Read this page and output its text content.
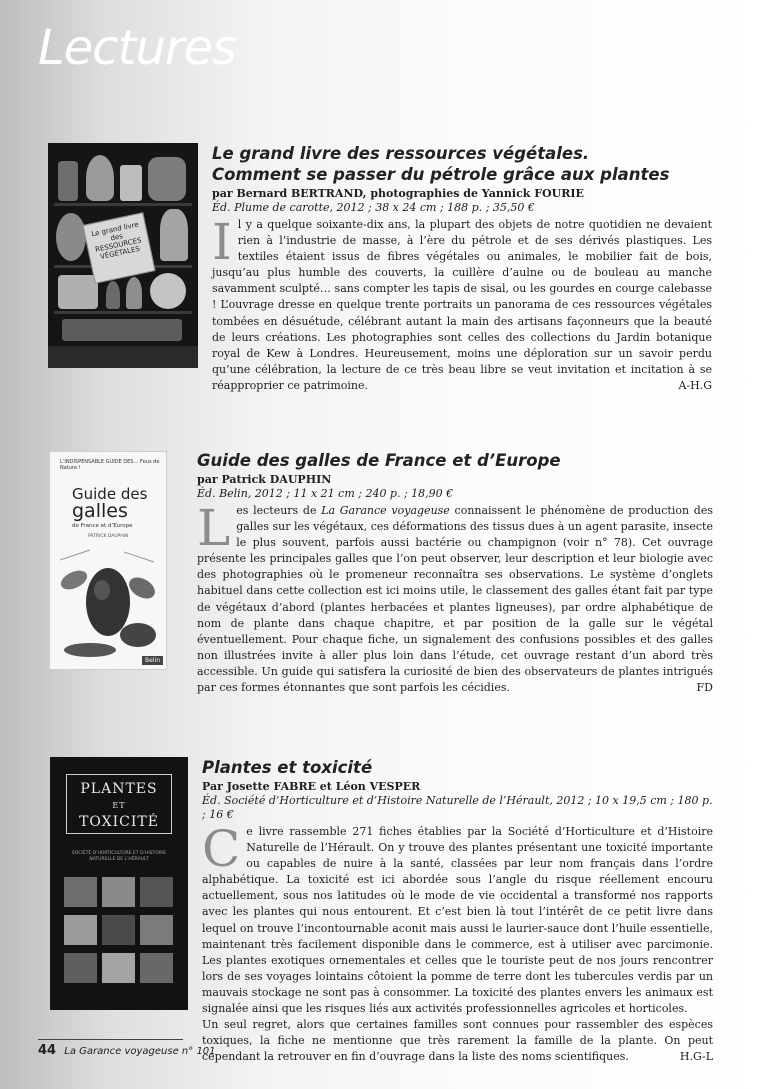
Lectures
Le grand livre des RESSOURCES VÉGÉTALES
Le grand livre des ressources végétales.
Comment se passer du pétrole grâce aux plantes

par Bernard BERTRAND, photographies de Yannick FOURIE

Éd. Plume de carotte, 2012 ; 38 x 24 cm ; 188 p. ; 35,50 €

I l y a quelque soixante-dix ans, la plupart des objets de notre quotidien ne devaient rien à l’industrie de masse, à l’ère du pétrole et de ses dérivés plastiques. Les textiles étaient issus de fibres végétales ou animales, le mobilier fait de bois, jusqu’au plus humble des couverts, la cuillère d’aulne ou de bouleau au manche savamment sculpté… sans compter les tapis de sisal, ou les gourdes en courge calebasse ! L’ouvrage dresse en quelque trente portraits un panorama de ces ressources végétales tombées en désuétude, célébrant autant la main des artisans façonneurs que la beauté de leurs créations. Les photographies sont celles des collections du Jardin botanique royal de Kew à Londres. Heureusement, moins une déploration sur un savoir perdu qu’une célébration, la lecture de ce très beau libre se veut invitation et incitation à se réapproprier ce patrimoine.	A-H.G
L’INDISPENSABLE GUIDE DES… Fous de Nature !
Guide des
galles
de France et d’Europe
PATRICK DAUPHIN
Belin
Guide des galles de France et d’Europe

par Patrick DAUPHIN

Éd. Belin, 2012 ; 11 x 21 cm ; 240 p. ; 18,90 €

L es lecteurs de La Garance voyageuse connaissent le phénomène de production des galles sur les végétaux, ces déformations des tissus dues à un agent parasite, insecte le plus souvent, parfois aussi bactérie ou champignon (voir n° 78). Cet ouvrage présente les principales galles que l’on peut observer, leur description et leur biologie avec des photographies où le promeneur reconnaîtra ses observations. Le système d’onglets habituel dans cette collection est ici moins utile, le classement des galles étant fait par type de végétaux d’abord (plantes herbacées et plantes ligneuses), par ordre alphabétique de nom de plante dans chaque chapitre, et par position de la galle sur le végétal éventuellement. Pour chaque fiche, un signalement des confusions possibles et des galles non illustrées invite à aller plus loin dans l’étude, cet ouvrage restant d’un abord très accessible. Un guide qui satisfera la curiosité de bien des observateurs de plantes intrigués par ces formes étonnantes que sont parfois les cécidies.	FD
PLANTES
ET
TOXICITÉ
SOCIÉTÉ D’HORTICULTURE ET D’HISTOIRE NATURELLE DE L’HÉRAULT
Plantes et toxicité

Par Josette FABRE et Léon VESPER

Éd. Société d’Horticulture et d’Histoire Naturelle de l’Hérault, 2012 ; 10 x 19,5 cm ; 180 p. ; 16 €

C e livre rassemble 271 fiches établies par la Société d’Horticulture et d’Histoire Naturelle de l’Hérault. On y trouve des plantes présentant une toxicité importante ou capables de nuire à la santé, classées par leur nom français dans l’ordre alphabétique. La toxicité est ici abordée sous l’angle du risque réellement encouru actuellement, sous nos latitudes où le mode de vie occidental a transformé nos rapports avec les plantes qui nous entourent. Et c’est bien là tout l’intérêt de ce petit livre dans lequel on trouve l’incontournable aconit mais aussi le laurier-sauce dont l’huile essentielle, maintenant très facilement disponible dans le commerce, est à utiliser avec parcimonie. Les plantes exotiques ornementales et celles que le touriste peut de nos jours rencontrer lors de ses voyages lointains côtoient la pomme de terre dont les tubercules verdis par un mauvais stockage ne sont pas à consommer. La toxicité des plantes envers les animaux est signalée ainsi que les risques liés aux activités professionnelles agricoles et horticoles.

Un seul regret, alors que certaines familles sont connues pour rassembler des espèces toxiques, la fiche ne mentionne que très rarement la famille de la plante. On peut cependant la retrouver en fin d’ouvrage dans la liste des noms scientifiques.	H.G-L

44 La Garance voyageuse n° 101
